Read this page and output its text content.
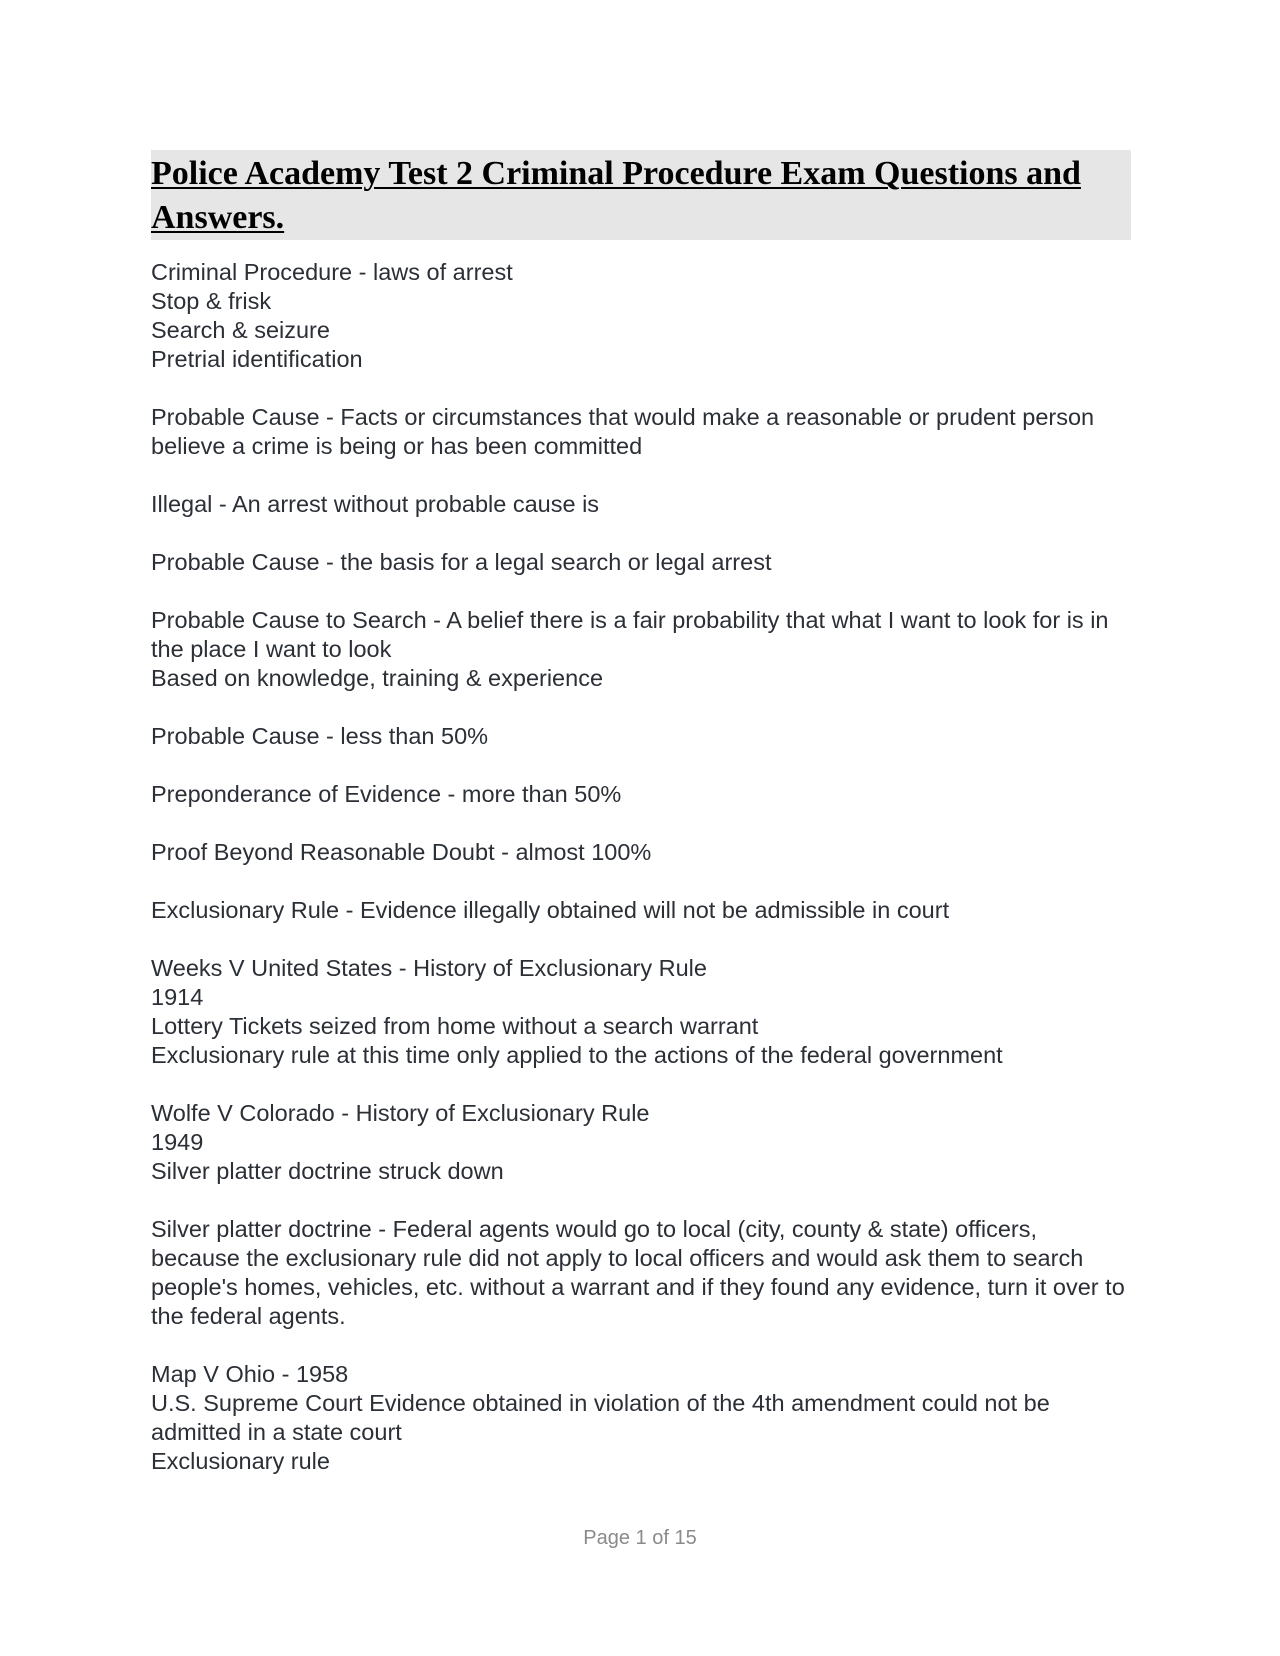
Police Academy Test 2 Criminal Procedure Exam Questions and Answers.
Criminal Procedure - laws of arrest
Stop & frisk
Search & seizure
Pretrial identification
Probable Cause - Facts or circumstances that would make a reasonable or prudent person believe a crime is being or has been committed
Illegal - An arrest without probable cause is
Probable Cause - the basis for a legal search or legal arrest
Probable Cause to Search - A belief there is a fair probability that what I want to look for is in the place I want to look
Based on knowledge, training & experience
Probable Cause - less than 50%
Preponderance of Evidence - more than 50%
Proof Beyond Reasonable Doubt - almost 100%
Exclusionary Rule - Evidence illegally obtained will not be admissible in court
Weeks V United States - History of Exclusionary Rule
1914
Lottery Tickets seized from home without a search warrant
Exclusionary rule at this time only applied to the actions of the federal government
Wolfe V Colorado - History of Exclusionary Rule
1949
Silver platter doctrine struck down
Silver platter doctrine - Federal agents would go to local (city, county & state) officers, because the exclusionary rule did not apply to local officers and would ask them to search people's homes, vehicles, etc. without a warrant and if they found any evidence, turn it over to the federal agents.
Map V Ohio - 1958
U.S. Supreme Court Evidence obtained in violation of the 4th amendment could not be admitted in a state court
Exclusionary rule
Page 1 of 15
